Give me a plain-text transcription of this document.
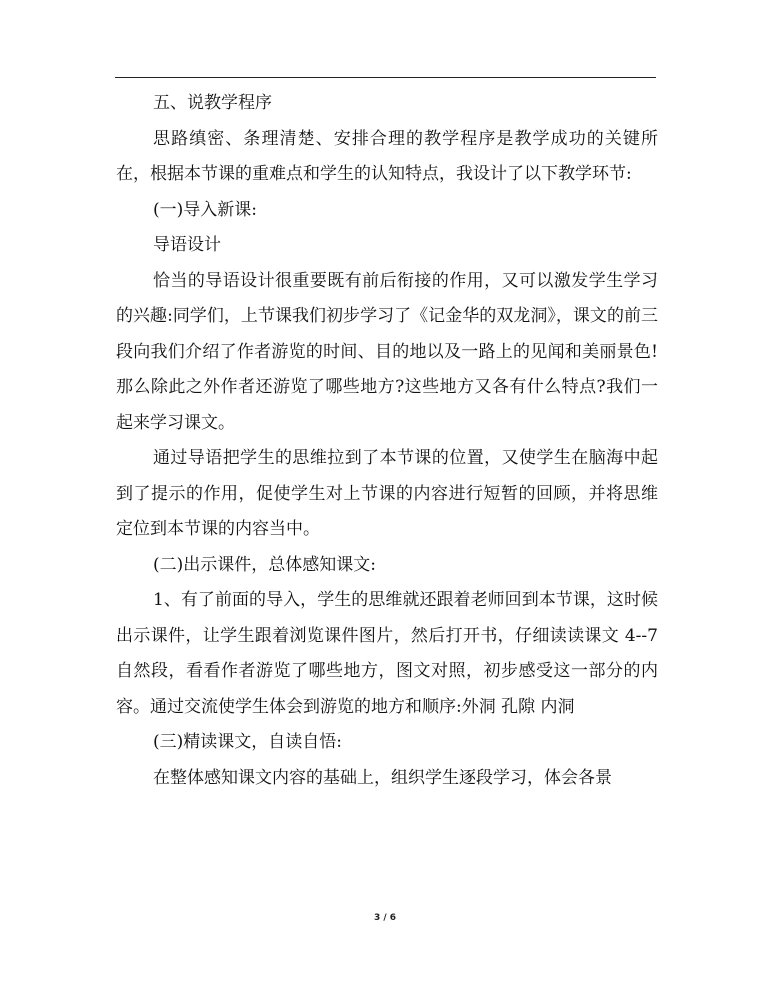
五、说教学程序

思路缜密、条理清楚、安排合理的教学程序是教学成功的关键所在，根据本节课的重难点和学生的认知特点，我设计了以下教学环节:

(一)导入新课:

导语设计

恰当的导语设计很重要既有前后衔接的作用，又可以激发学生学习的兴趣:同学们，上节课我们初步学习了《记金华的双龙洞》，课文的前三段向我们介绍了作者游览的时间、目的地以及一路上的见闻和美丽景色!那么除此之外作者还游览了哪些地方?这些地方又各有什么特点?我们一起来学习课文。

通过导语把学生的思维拉到了本节课的位置，又使学生在脑海中起到了提示的作用，促使学生对上节课的内容进行短暂的回顾，并将思维定位到本节课的内容当中。

(二)出示课件，总体感知课文:

1、有了前面的导入，学生的思维就还跟着老师回到本节课，这时候出示课件，让学生跟着浏览课件图片，然后打开书，仔细读读课文 4--7 自然段，看看作者游览了哪些地方，图文对照，初步感受这一部分的内容。通过交流使学生体会到游览的地方和顺序:外洞 孔隙 内洞

(三)精读课文，自读自悟:

在整体感知课文内容的基础上，组织学生逐段学习，体会各景

3 / 6
